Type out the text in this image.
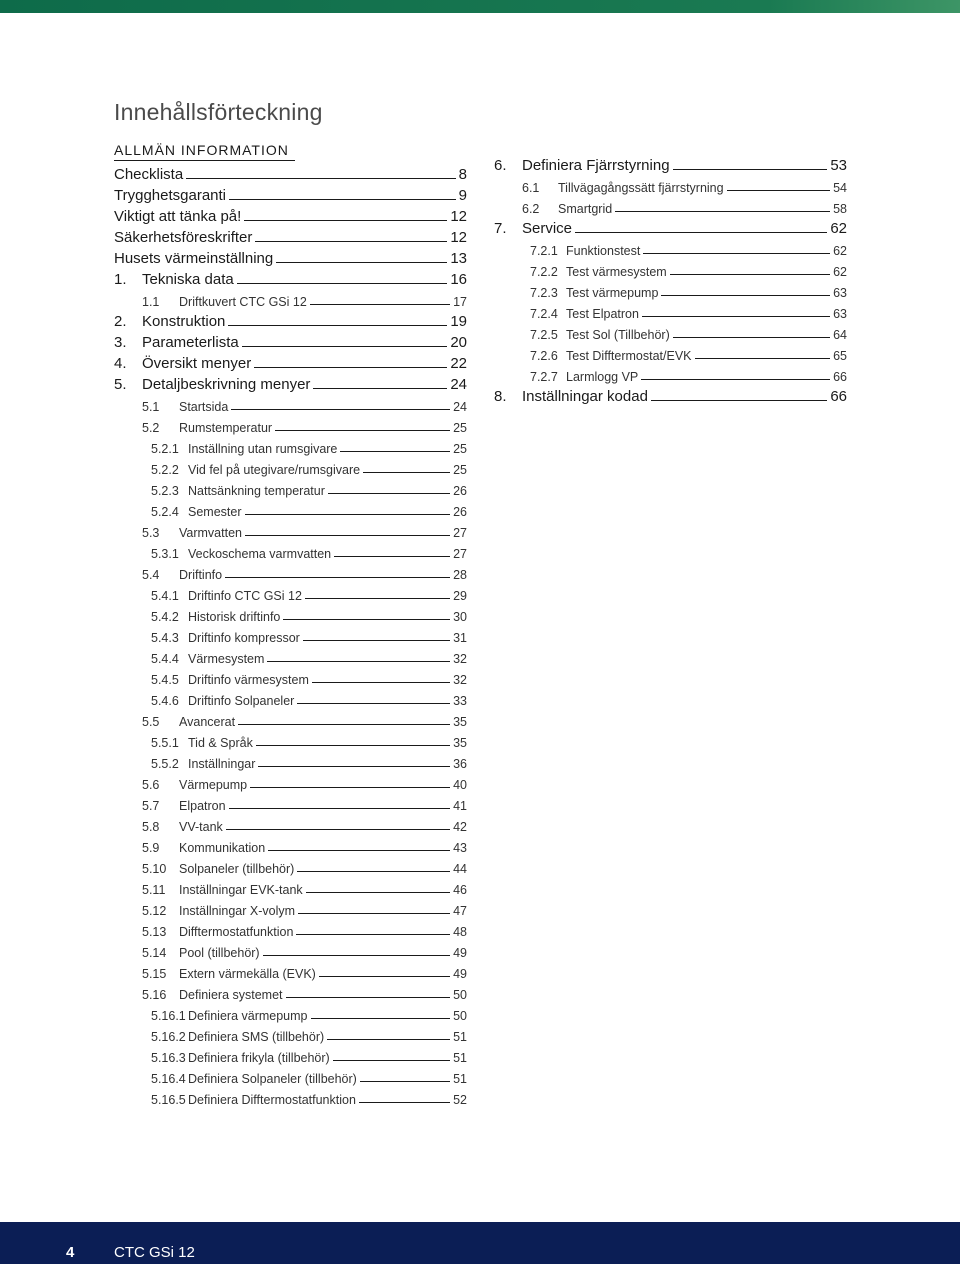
Innehållsförteckning
ALLMÄN INFORMATION
Checklista	8
Trygghetsgaranti	9
Viktigt att tänka på!	12
Säkerhetsföreskrifter	12
Husets värmeinställning	13
1.	Tekniska data	16
1.1	Driftkuvert CTC GSi 12	17
2.	Konstruktion	19
3.	Parameterlista	20
4.	Översikt menyer	22
5.	Detaljbeskrivning menyer	24
5.1	Startsida	24
5.2	Rumstemperatur	25
5.2.1 Inställning utan rumsgivare	25
5.2.2 Vid fel på utegivare/rumsgivare	25
5.2.3 Nattsänkning temperatur	26
5.2.4 Semester	26
5.3	Varmvatten	27
5.3.1 Veckoschema varmvatten	27
5.4	Driftinfo	28
5.4.1 Driftinfo CTC GSi 12	29
5.4.2 Historisk driftinfo	30
5.4.3 Driftinfo kompressor	31
5.4.4 Värmesystem	32
5.4.5 Driftinfo värmesystem	32
5.4.6 Driftinfo Solpaneler	33
5.5	Avancerat	35
5.5.1 Tid & Språk	35
5.5.2 Inställningar	36
5.6	Värmepump	40
5.7	Elpatron	41
5.8	VV-tank	42
5.9	Kommunikation	43
5.10	Solpaneler (tillbehör)	44
5.11	Inställningar EVK-tank	46
5.12	Inställningar X-volym	47
5.13	Difftermostatfunktion	48
5.14	Pool (tillbehör)	49
5.15	Extern värmekälla (EVK)	49
5.16	Definiera systemet	50
5.16.1 Definiera värmepump	50
5.16.2 Definiera SMS (tillbehör)	51
5.16.3 Definiera frikyla (tillbehör)	51
5.16.4 Definiera Solpaneler (tillbehör)	51
5.16.5 Definiera Difftermostatfunktion	52
6.	Definiera Fjärrstyrning	53
6.1	Tillvägagångssätt fjärrstyrning	54
6.2	Smartgrid	58
7.	Service	62
7.2.1 Funktionstest	62
7.2.2 Test värmesystem	62
7.2.3 Test värmepump	63
7.2.4 Test Elpatron	63
7.2.5 Test Sol (Tillbehör)	64
7.2.6 Test Difftermostat/EVK	65
7.2.7 Larmlogg VP	66
8.	Inställningar kodad	66
4	CTC GSi 12
